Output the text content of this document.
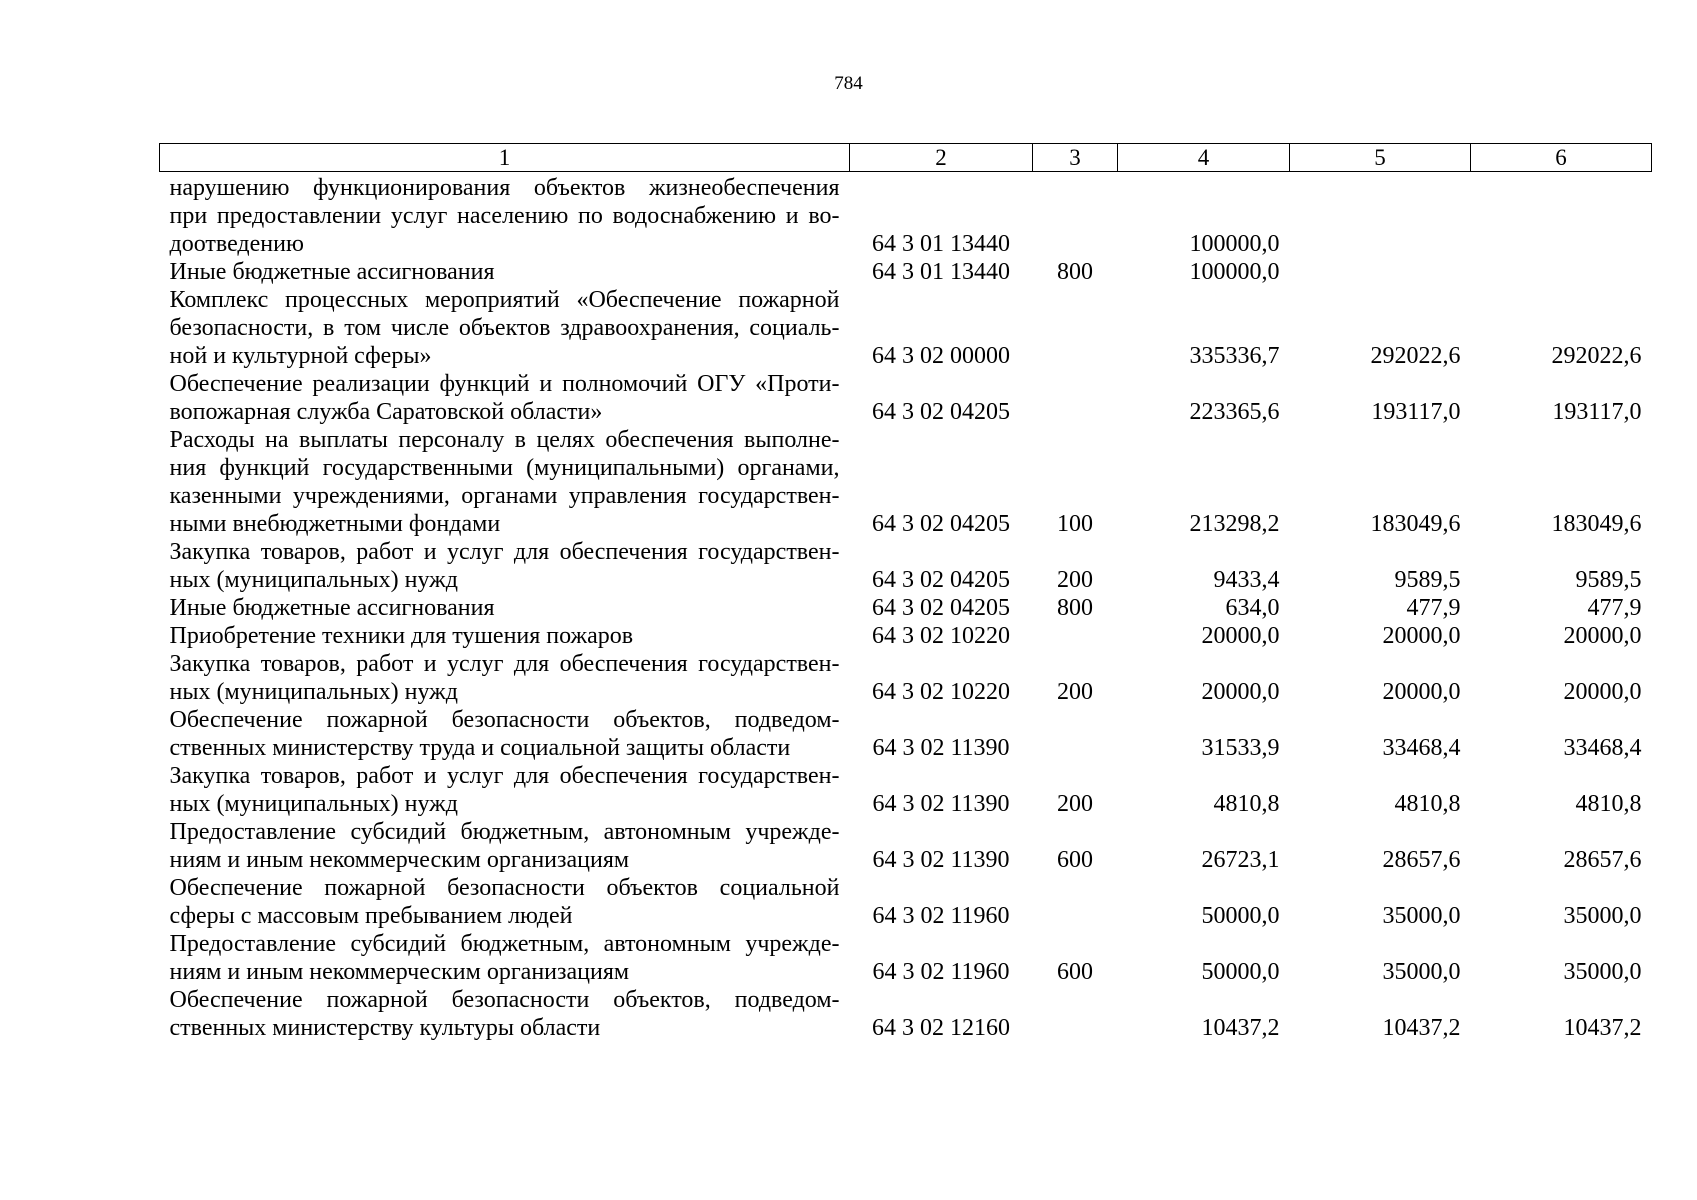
784
1	2	3	4	5	6

нарушению функционирования объектов жизнеобеспечения
при предоставлении услуг населению по водоснабжению и во-
доотведению	64 3 01 13440		100000,0		

Иные бюджетные ассигнования	64 3 01 13440	800	100000,0		

Комплекс процессных мероприятий «Обеспечение пожарной
безопасности, в том числе объектов здравоохранения, социаль-
ной и культурной сферы»	64 3 02 00000		335336,7	292022,6	292022,6

Обеспечение реализации функций и полномочий ОГУ «Проти-
вопожарная служба Саратовской области»	64 3 02 04205		223365,6	193117,0	193117,0

Расходы на выплаты персоналу в целях обеспечения выполне-
ния функций государственными (муниципальными) органами,
казенными учреждениями, органами управления государствен-
ными внебюджетными фондами	64 3 02 04205	100	213298,2	183049,6	183049,6

Закупка товаров, работ и услуг для обеспечения государствен-
ных (муниципальных) нужд	64 3 02 04205	200	9433,4	9589,5	9589,5

Иные бюджетные ассигнования	64 3 02 04205	800	634,0	477,9	477,9

Приобретение техники для тушения пожаров	64 3 02 10220		20000,0	20000,0	20000,0

Закупка товаров, работ и услуг для обеспечения государствен-
ных (муниципальных) нужд	64 3 02 10220	200	20000,0	20000,0	20000,0

Обеспечение пожарной безопасности объектов, подведом-
ственных министерству труда и социальной защиты области	64 3 02 11390		31533,9	33468,4	33468,4

Закупка товаров, работ и услуг для обеспечения государствен-
ных (муниципальных) нужд	64 3 02 11390	200	4810,8	4810,8	4810,8

Предоставление субсидий бюджетным, автономным учрежде-
ниям и иным некоммерческим организациям	64 3 02 11390	600	26723,1	28657,6	28657,6

Обеспечение пожарной безопасности объектов социальной
сферы с массовым пребыванием людей	64 3 02 11960		50000,0	35000,0	35000,0

Предоставление субсидий бюджетным, автономным учрежде-
ниям и иным некоммерческим организациям	64 3 02 11960	600	50000,0	35000,0	35000,0

Обеспечение пожарной безопасности объектов, подведом-
ственных министерству культуры области	64 3 02 12160		10437,2	10437,2	10437,2
